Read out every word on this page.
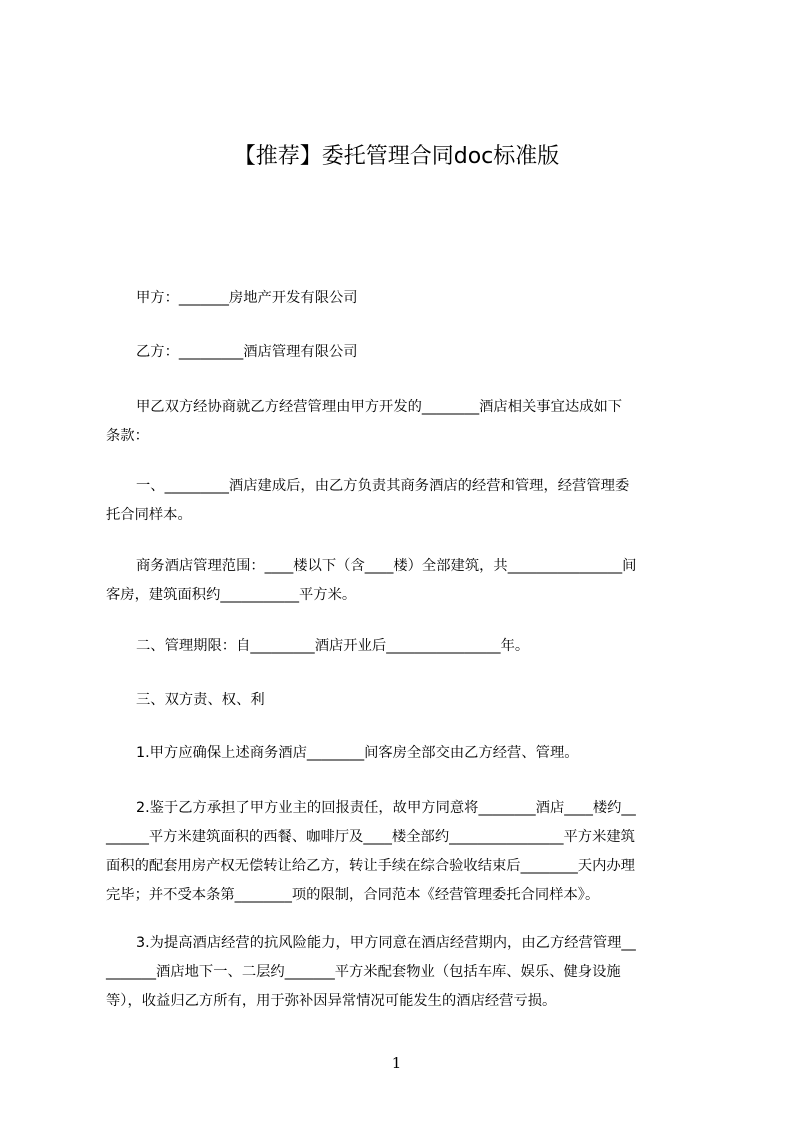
【推荐】委托管理合同doc标准版
甲方：_______房地产开发有限公司
乙方：_________酒店管理有限公司
甲乙双方经协商就乙方经营管理由甲方开发的________酒店相关事宜达成如下
条款：
一、_________酒店建成后，由乙方负责其商务酒店的经营和管理，经营管理委
托合同样本。
商务酒店管理范围：____楼以下（含____楼）全部建筑，共________________间
客房，建筑面积约___________平方米。
二、管理期限：自_________酒店开业后________________年。
三、双方责、权、利
1.甲方应确保上述商务酒店________间客房全部交由乙方经营、管理。
2.鉴于乙方承担了甲方业主的回报责任，故甲方同意将________酒店____楼约__
______平方米建筑面积的西餐、咖啡厅及____楼全部约________________平方米建筑
面积的配套用房产权无偿转让给乙方，转让手续在综合验收结束后________天内办理
完毕；并不受本条第________项的限制，合同范本《经营管理委托合同样本》。
3.为提高酒店经营的抗风险能力，甲方同意在酒店经营期内，由乙方经营管理__
_______酒店地下一、二层约_______平方米配套物业（包括车库、娱乐、健身设施
等），收益归乙方所有，用于弥补因异常情况可能发生的酒店经营亏损。
1
